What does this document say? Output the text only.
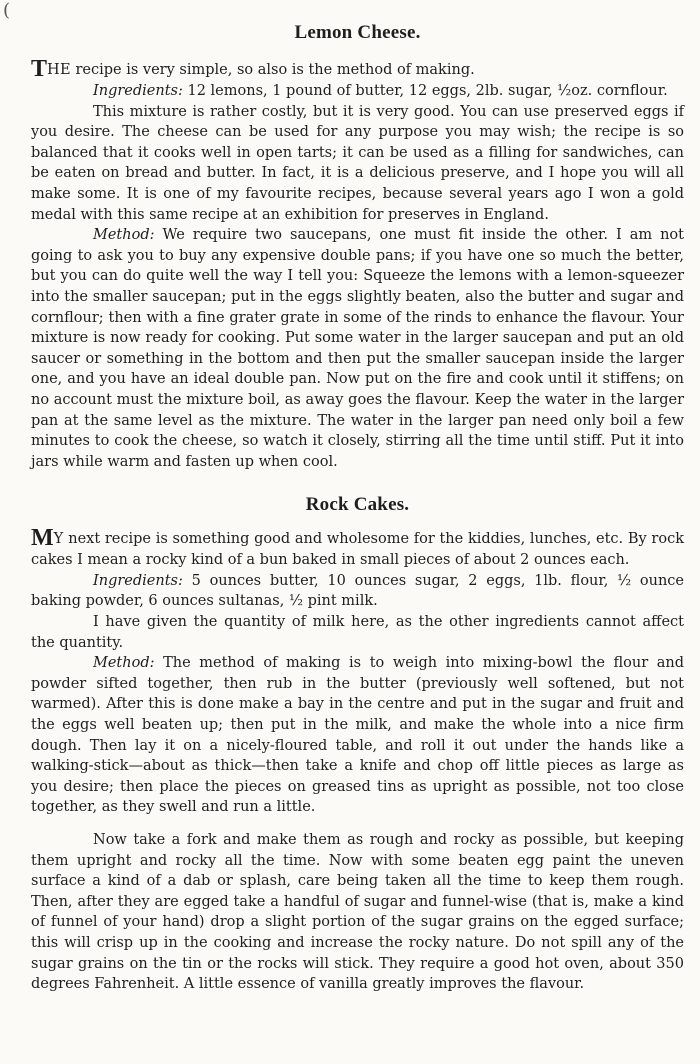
(
Lemon Cheese.

THE recipe is very simple, so also is the method of making.

Ingredients: 12 lemons, 1 pound of butter, 12 eggs, 2lb. sugar, ½oz. cornflour.

This mixture is rather costly, but it is very good. You can use preserved eggs if you desire. The cheese can be used for any purpose you may wish; the recipe is so balanced that it cooks well in open tarts; it can be used as a filling for sandwiches, can be eaten on bread and butter. In fact, it is a delicious preserve, and I hope you will all make some. It is one of my favourite recipes, because several years ago I won a gold medal with this same recipe at an exhibition for preserves in England.

Method: We require two saucepans, one must fit inside the other. I am not going to ask you to buy any expensive double pans; if you have one so much the better, but you can do quite well the way I tell you: Squeeze the lemons with a lemon-squeezer into the smaller saucepan; put in the eggs slightly beaten, also the butter and sugar and cornflour; then with a fine grater grate in some of the rinds to enhance the flavour. Your mixture is now ready for cooking. Put some water in the larger saucepan and put an old saucer or something in the bottom and then put the smaller saucepan inside the larger one, and you have an ideal double pan. Now put on the fire and cook until it stiffens; on no account must the mixture boil, as away goes the flavour. Keep the water in the larger pan at the same level as the mixture. The water in the larger pan need only boil a few minutes to cook the cheese, so watch it closely, stirring all the time until stiff. Put it into jars while warm and fasten up when cool.

Rock Cakes.

MY next recipe is something good and wholesome for the kiddies, lunches, etc. By rock cakes I mean a rocky kind of a bun baked in small pieces of about 2 ounces each.

Ingredients: 5 ounces butter, 10 ounces sugar, 2 eggs, 1lb. flour, ½ ounce baking powder, 6 ounces sultanas, ½ pint milk.

I have given the quantity of milk here, as the other ingredients cannot affect the quantity.

Method: The method of making is to weigh into mixing-bowl the flour and powder sifted together, then rub in the butter (previously well softened, but not warmed). After this is done make a bay in the centre and put in the sugar and fruit and the eggs well beaten up; then put in the milk, and make the whole into a nice firm dough. Then lay it on a nicely-floured table, and roll it out under the hands like a walking-stick—about as thick—then take a knife and chop off little pieces as large as you desire; then place the pieces on greased tins as upright as possible, not too close together, as they swell and run a little.

Now take a fork and make them as rough and rocky as possible, but keeping them upright and rocky all the time. Now with some beaten egg paint the uneven surface a kind of a dab or splash, care being taken all the time to keep them rough. Then, after they are egged take a handful of sugar and funnel-wise (that is, make a kind of funnel of your hand) drop a slight portion of the sugar grains on the egged surface; this will crisp up in the cooking and increase the rocky nature. Do not spill any of the sugar grains on the tin or the rocks will stick. They require a good hot oven, about 350 degrees Fahrenheit. A little essence of vanilla greatly improves the flavour.
